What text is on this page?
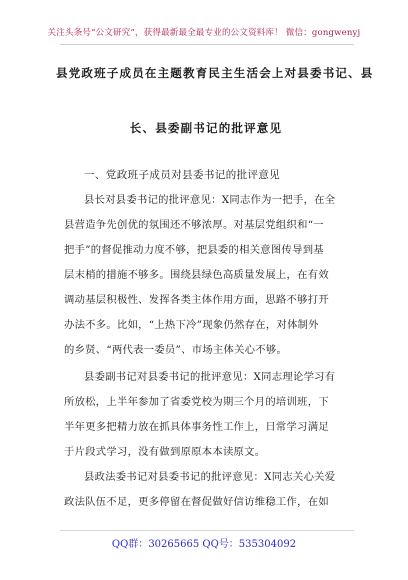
关注头条号“公文研究”，获得最新最全最专业的公文资料库！ 微信：gongwenyj
县党政班子成员在主题教育民主生活会上对县委书记、县
长、县委副书记的批评意见
一、党政班子成员对县委书记的批评意见
县长对县委书记的批评意见：X同志作为一把手，在全
县营造争先创优的氛围还不够浓厚。对基层党组织和“一
把手”的督促推动力度不够，把县委的相关意图传导到基
层末梢的措施不够多。围绕县绿色高质量发展上，在有效
调动基层积极性、发挥各类主体作用方面，思路不够打开
办法不多。比如，“上热下冷”现象仍然存在，对体制外
的乡贤、“两代表一委员”、市场主体关心不够。
县委副书记对县委书记的批评意见：X同志理论学习有
所放松，上半年参加了省委党校为期三个月的培训班，下
半年更多把精力放在抓具体事务性工作上，日常学习满足
于片段式学习，没有做到原原本本读原文。
县政法委书记对县委书记的批评意见：X同志关心关爱
政法队伍不足，更多停留在督促做好信访维稳工作，在如
QQ群：30265665 QQ号：535304092
